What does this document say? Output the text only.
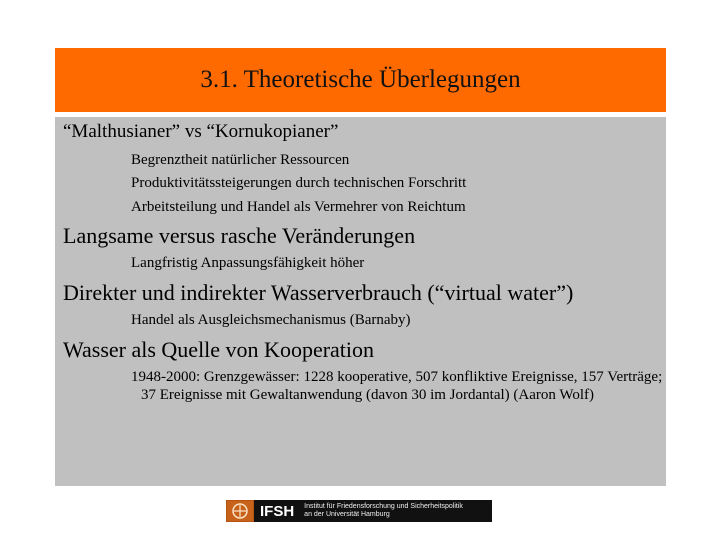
3.1. Theoretische Überlegungen
“Malthusianer” vs “Kornukopianer”
Begrenztheit natürlicher Ressourcen
Produktivitätssteigerungen durch technischen Forschritt
Arbeitsteilung und Handel als Vermehrer von Reichtum
Langsame versus rasche Veränderungen
Langfristig Anpassungsfähigkeit höher
Direkter und indirekter Wasserverbrauch (“virtual water”)
Handel als Ausgleichsmechanismus (Barnaby)
Wasser als Quelle von Kooperation
1948-2000: Grenzgewässer: 1228 kooperative, 507 konfliktive Ereignisse, 157 Verträge; 37 Ereignisse mit Gewaltanwendung (davon 30 im Jordantal) (Aaron Wolf)
IFSH	Institut für Friedensforschung und Sicherheitspolitik
an der Universität Hamburg
